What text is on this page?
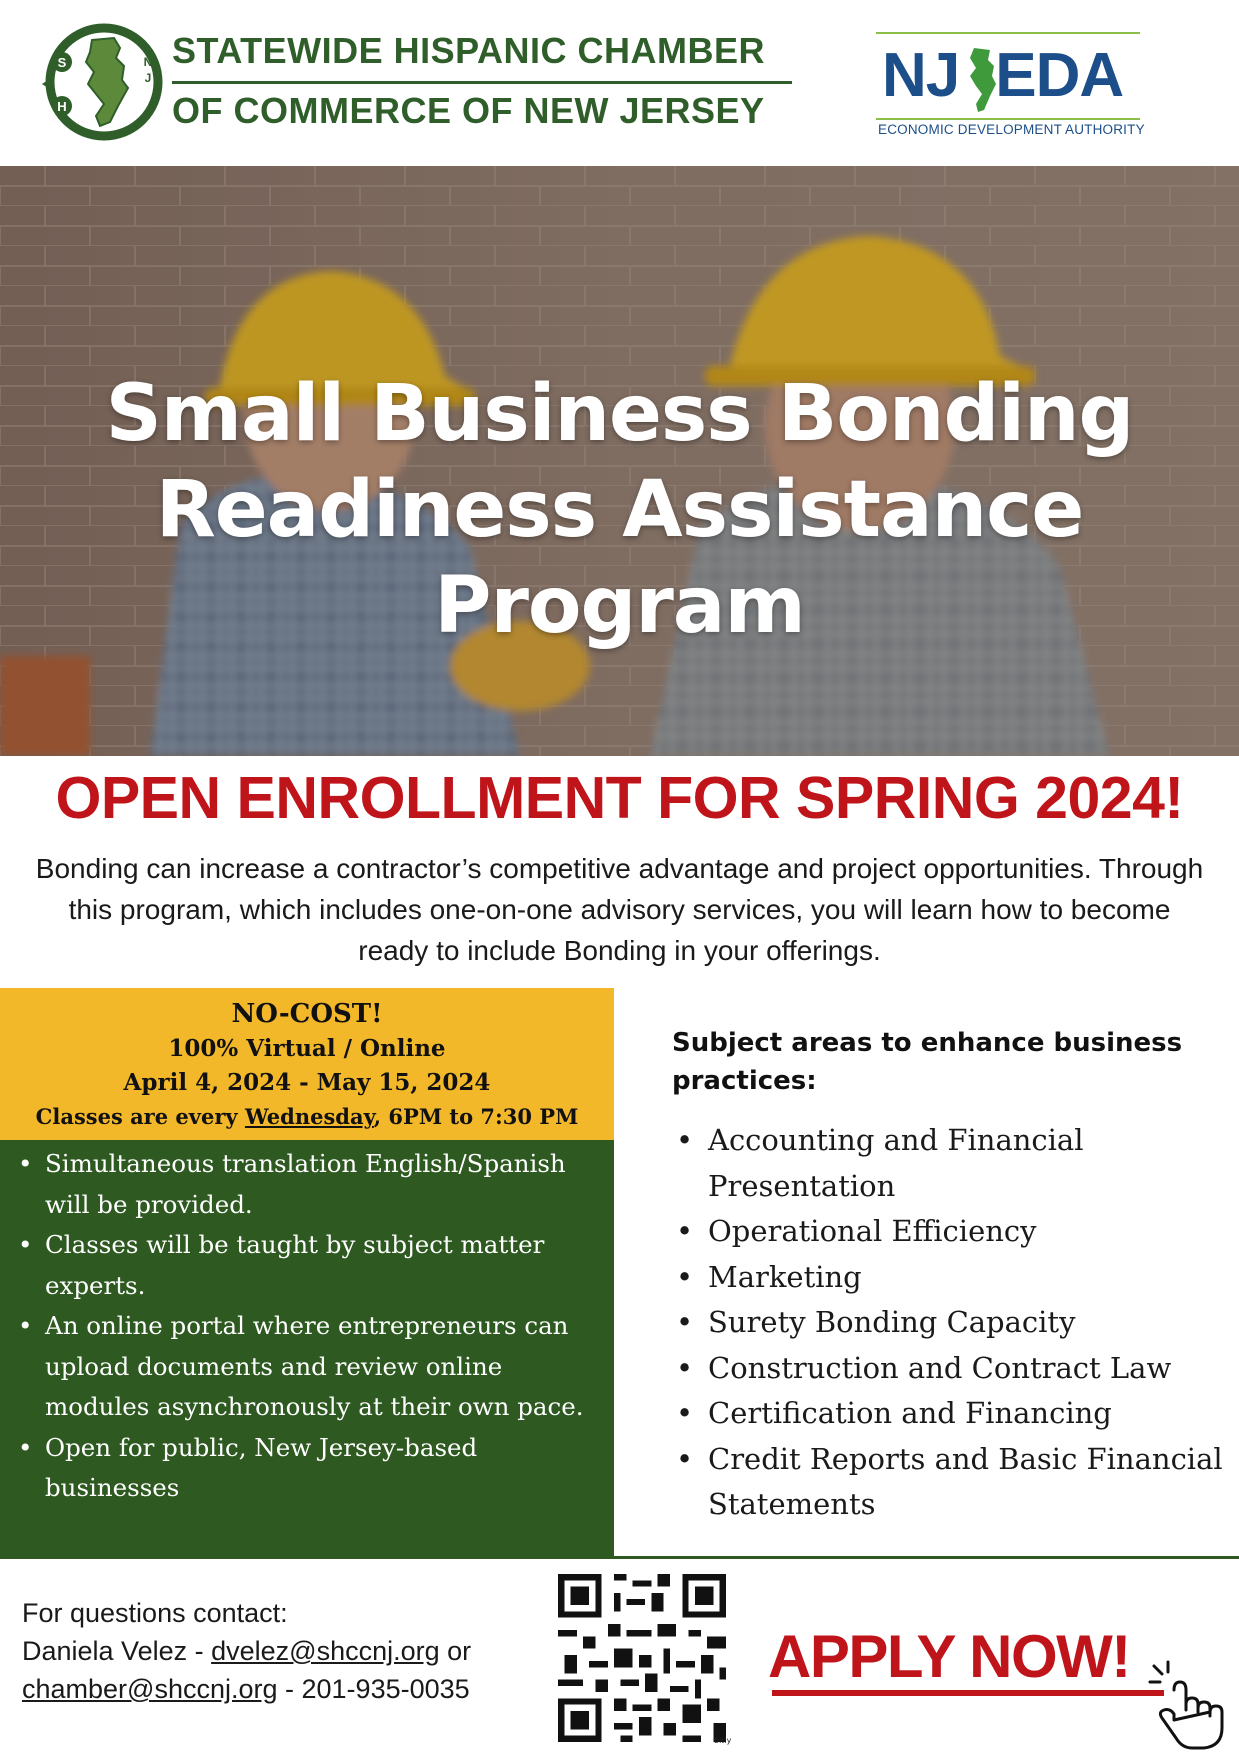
S
H
N
J
STATEWIDE HISPANIC CHAMBER
OF COMMERCE OF NEW JERSEY
NJ EDA
ECONOMIC DEVELOPMENT AUTHORITY
Small Business Bonding
Readiness Assistance
Program
OPEN ENROLLMENT FOR SPRING 2024!
Bonding can increase a contractor’s competitive advantage and project opportunities. Through this program, which includes one-on-one advisory services, you will learn how to become ready to include Bonding in your offerings.
NO-COST!
100% Virtual / Online
April 4, 2024 - May 15, 2024
Classes are every Wednesday, 6PM to 7:30 PM
• Simultaneous translation English/Spanish will be provided.
• Classes will be taught by subject matter experts.
• An online portal where entrepreneurs can upload documents and review online modules asynchronously at their own pace.
• Open for public, New Jersey-based businesses
Subject areas to enhance business practices:
• Accounting and Financial Presentation
• Operational Efficiency
• Marketing
• Surety Bonding Capacity
• Construction and Contract Law
• Certification and Financing
• Credit Reports and Basic Financial Statements
For questions contact:
Daniela Velez - dvelez@shccnj.org or
chamber@shccnj.org - 201-935-0035
bitly
APPLY NOW!
